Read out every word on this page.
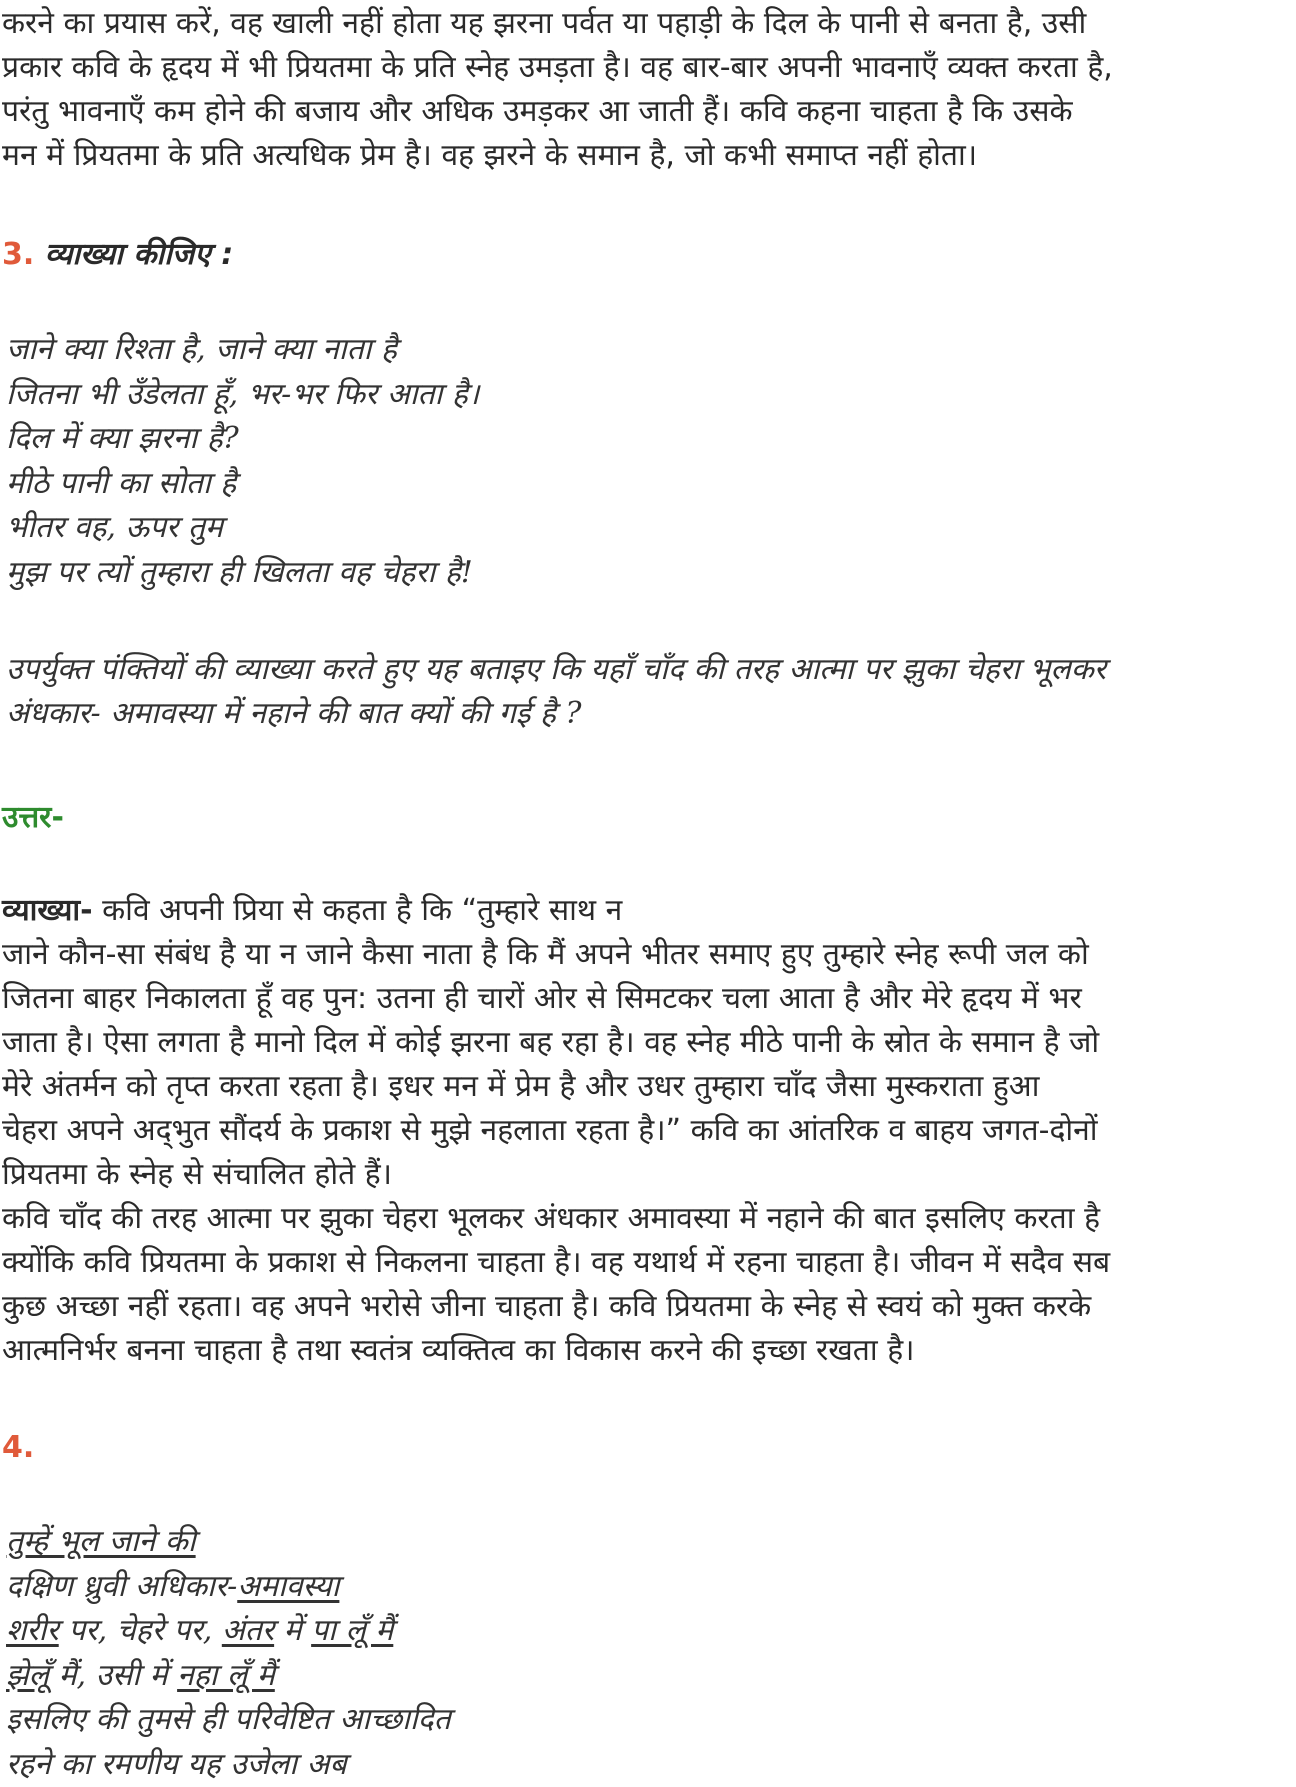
करने का प्रयास करें, वह खाली नहीं होता यह झरना पर्वत या पहाड़ी के दिल के पानी से बनता है, उसी
प्रकार कवि के हृदय में भी प्रियतमा के प्रति स्नेह उमड़ता है। वह बार-बार अपनी भावनाएँ व्यक्त करता है,
परंतु भावनाएँ कम होने की बजाय और अधिक उमड़कर आ जाती हैं। कवि कहना चाहता है कि उसके
मन में प्रियतमा के प्रति अत्यधिक प्रेम है। वह झरने के समान है, जो कभी समाप्त नहीं होता।

3. व्याख्या कीजिए :
जाने क्या रिश्ता है, जाने क्या नाता है
जितना भी उँडेलता हूँ, भर-भर फिर आता है।
दिल में क्या झरना है?
मीठे पानी का सोता है
भीतर वह, ऊपर तुम
मुझ पर त्यों तुम्हारा ही खिलता वह चेहरा है!
उपर्युक्त पंक्तियों की व्याख्या करते हुए यह बताइए कि यहाँ चाँद की तरह आत्मा पर झुका चेहरा भूलकर
अंधकार- अमावस्या में नहाने की बात क्यों की गई है ?
उत्तर-
व्याख्या- कवि अपनी प्रिया से कहता है कि “तुम्हारे साथ न
जाने कौन-सा संबंध है या न जाने कैसा नाता है कि मैं अपने भीतर समाए हुए तुम्हारे स्नेह रूपी जल को
जितना बाहर निकालता हूँ वह पुन: उतना ही चारों ओर से सिमटकर चला आता है और मेरे हृदय में भर
जाता है। ऐसा लगता है मानो दिल में कोई झरना बह रहा है। वह स्नेह मीठे पानी के स्रोत के समान है जो
मेरे अंतर्मन को तृप्त करता रहता है। इधर मन में प्रेम है और उधर तुम्हारा चाँद जैसा मुस्कराता हुआ
चेहरा अपने अद्‌भुत सौंदर्य के प्रकाश से मुझे नहलाता रहता है।” कवि का आंतरिक व बाहय जगत-दोनों
प्रियतमा के स्नेह से संचालित होते हैं।
कवि चाँद की तरह आत्मा पर झुका चेहरा भूलकर अंधकार अमावस्या में नहाने की बात इसलिए करता है
क्योंकि कवि प्रियतमा के प्रकाश से निकलना चाहता है। वह यथार्थ में रहना चाहता है। जीवन में सदैव सब
कुछ अच्छा नहीं रहता। वह अपने भरोसे जीना चाहता है। कवि प्रियतमा के स्नेह से स्वयं को मुक्त करके
आत्मनिर्भर बनना चाहता है तथा स्वतंत्र व्यक्तित्व का विकास करने की इच्छा रखता है।
4.
तुम्हें भूल जाने की
दक्षिण ध्रुवी अधिकार-अमावस्या
शरीर पर, चेहरे पर, अंतर में पा लूँ मैं
झेलूँ मैं, उसी में नहा लूँ मैं
इसलिए की तुमसे ही परिवेष्टित आच्छादित
रहने का रमणीय यह उजेला अब
